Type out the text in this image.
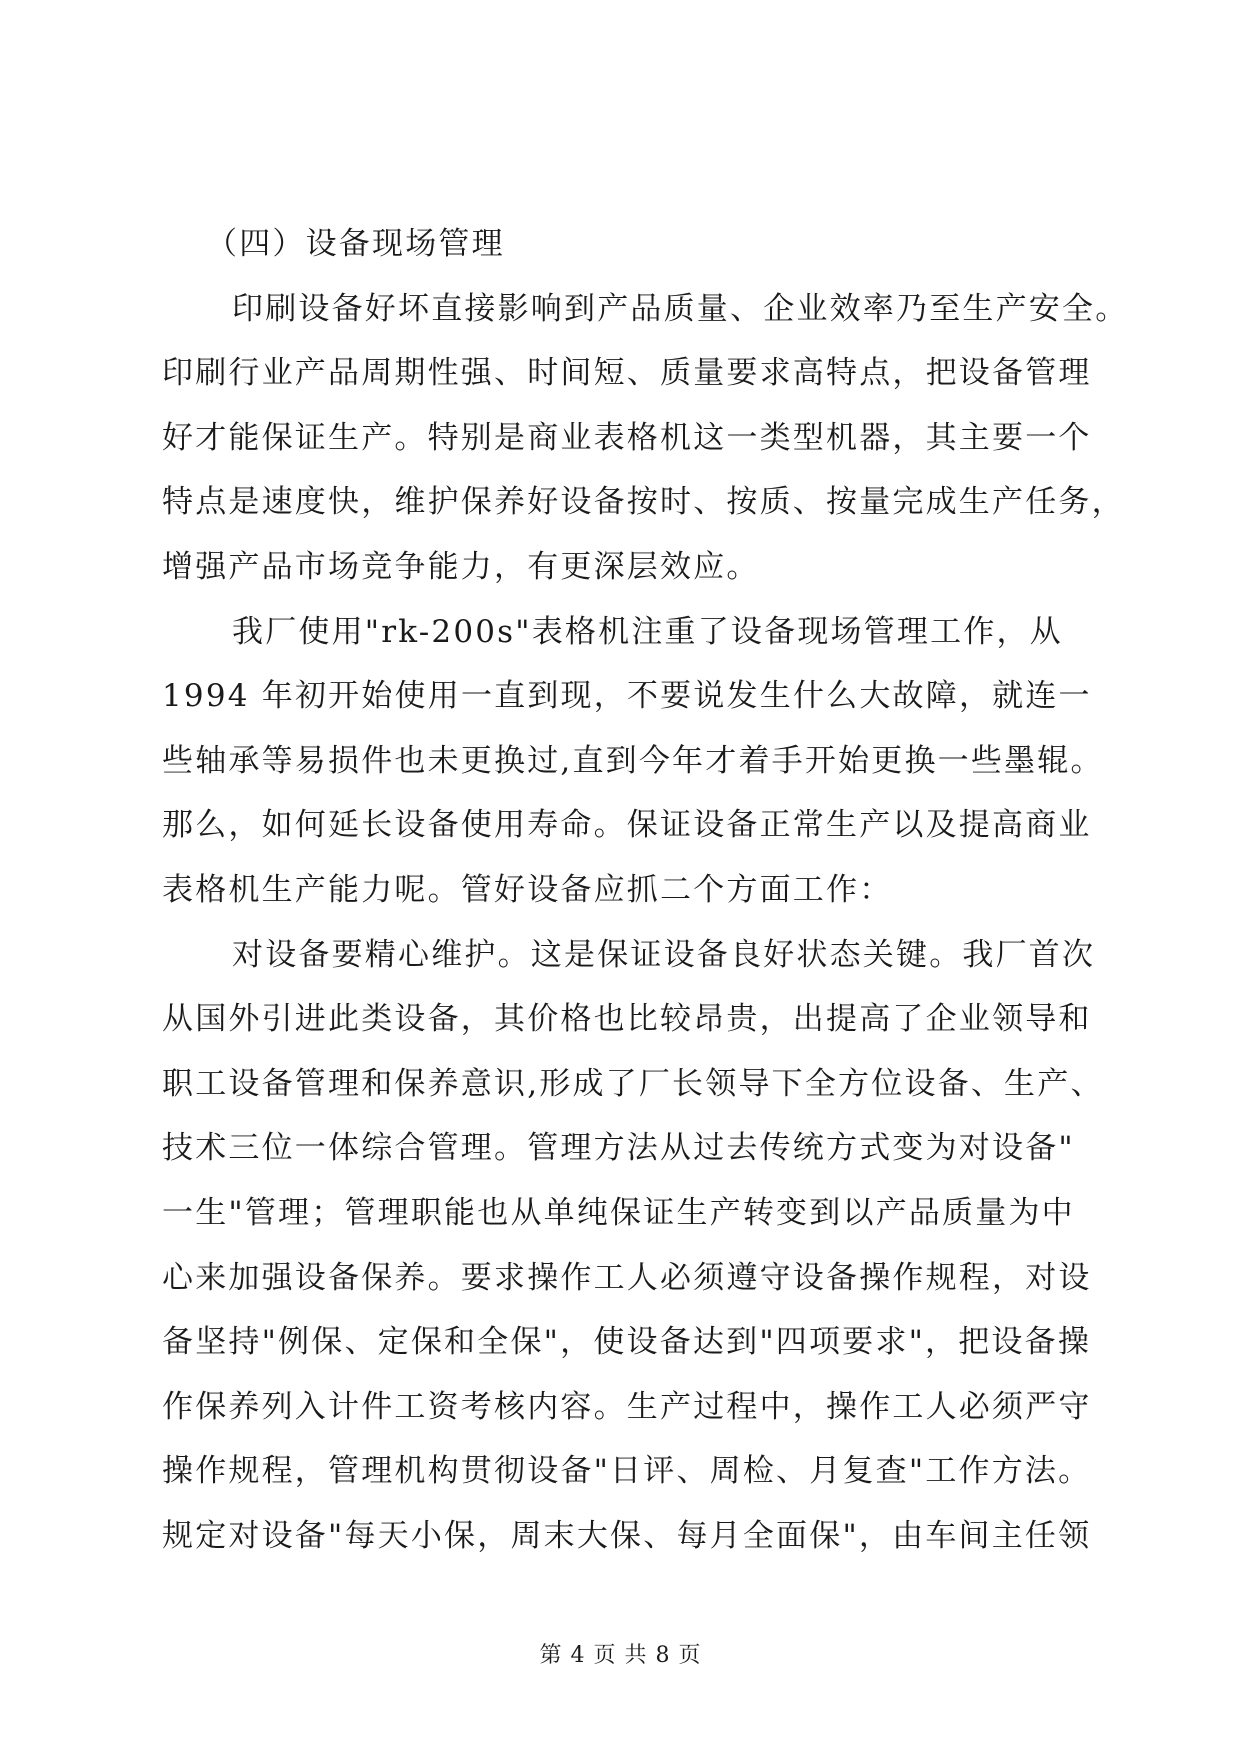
（四）设备现场管理
印刷设备好坏直接影响到产品质量、企业效率乃至生产安全。
印刷行业产品周期性强、时间短、质量要求高特点，把设备管理
好才能保证生产。特别是商业表格机这一类型机器，其主要一个
特点是速度快，维护保养好设备按时、按质、按量完成生产任务，
增强产品市场竞争能力，有更深层效应。
我厂使用"rk-200s"表格机注重了设备现场管理工作，从
1994 年初开始使用一直到现，不要说发生什么大故障，就连一
些轴承等易损件也未更换过,直到今年才着手开始更换一些墨辊。
那么，如何延长设备使用寿命。保证设备正常生产以及提高商业
表格机生产能力呢。管好设备应抓二个方面工作：
对设备要精心维护。这是保证设备良好状态关键。我厂首次
从国外引进此类设备，其价格也比较昂贵，出提高了企业领导和
职工设备管理和保养意识,形成了厂长领导下全方位设备、生产、
技术三位一体综合管理。管理方法从过去传统方式变为对设备"
一生"管理；管理职能也从单纯保证生产转变到以产品质量为中
心来加强设备保养。要求操作工人必须遵守设备操作规程，对设
备坚持"例保、定保和全保"，使设备达到"四项要求"，把设备操
作保养列入计件工资考核内容。生产过程中，操作工人必须严守
操作规程，管理机构贯彻设备"日评、周检、月复查"工作方法。
规定对设备"每天小保，周末大保、每月全面保"，由车间主任领
第 4 页 共 8 页
